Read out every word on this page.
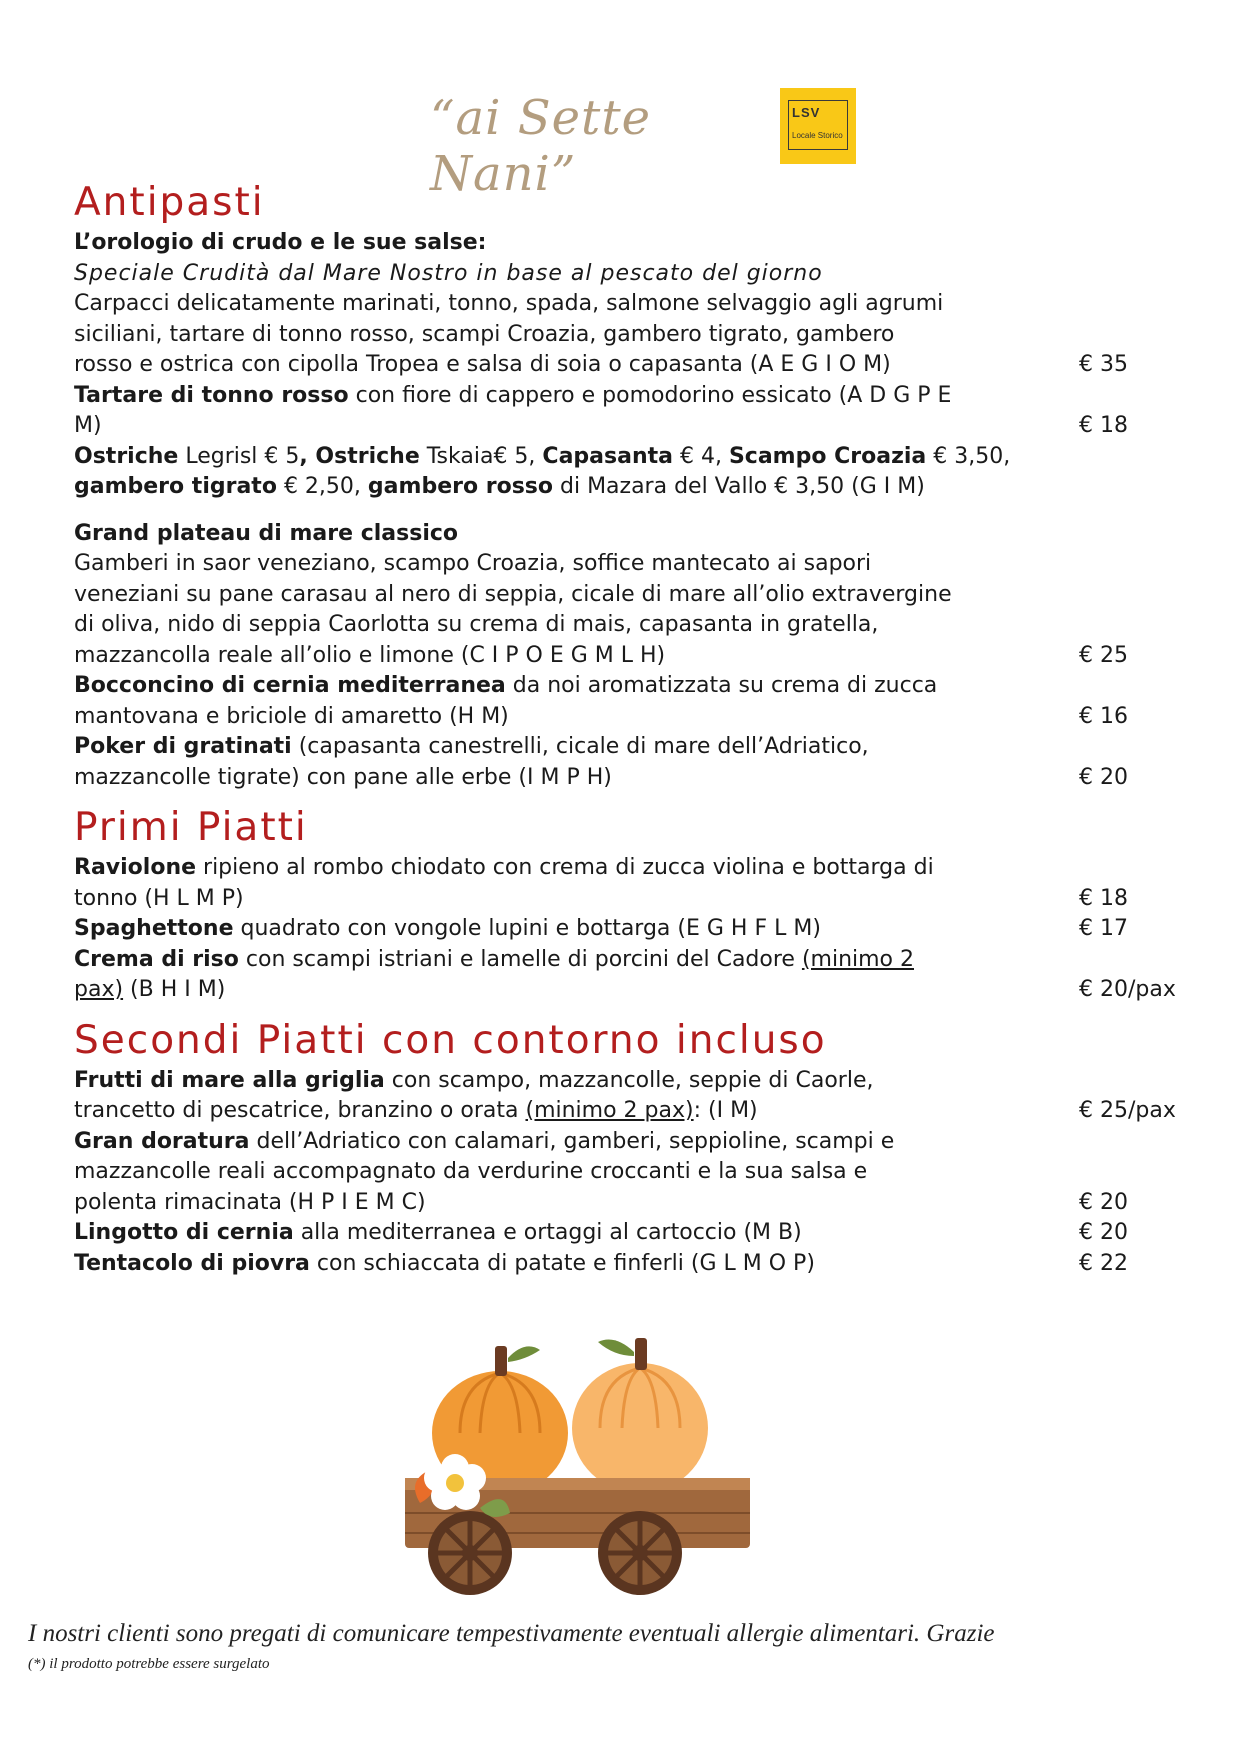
“ai Sette Nani”
LSV
Locale Storico
Antipasti
L’orologio di crudo e le sue salse:
Speciale Crudità dal Mare Nostro in base al pescato del giorno
Carpacci delicatamente marinati, tonno, spada, salmone selvaggio agli agrumi
siciliani, tartare di tonno rosso, scampi Croazia, gambero tigrato, gambero
rosso e ostrica con cipolla Tropea e salsa di soia o capasanta (A E G I O M)	€ 35
Tartare di tonno rosso con fiore di cappero e pomodorino essicato (A D G P E
M)	€ 18
Ostriche Legrisl € 5, Ostriche Tskaia€ 5, Capasanta € 4, Scampo Croazia € 3,50,
gambero tigrato € 2,50, gambero rosso di Mazara del Vallo € 3,50 (G I M)
Grand plateau di mare classico
Gamberi in saor veneziano, scampo Croazia, soffice mantecato ai sapori
veneziani su pane carasau al nero di seppia, cicale di mare all’olio extravergine
di oliva, nido di seppia Caorlotta su crema di mais, capasanta in gratella,
mazzancolla reale all’olio e limone (C I P O E G M L H)	€ 25
Bocconcino di cernia mediterranea da noi aromatizzata su crema di zucca
mantovana e briciole di amaretto (H M)	€ 16
Poker di gratinati (capasanta canestrelli, cicale di mare dell’Adriatico,
mazzancolle tigrate) con pane alle erbe (I M P H)	€ 20
Primi Piatti
Raviolone ripieno al rombo chiodato con crema di zucca violina e bottarga di
tonno (H L M P)	€ 18
Spaghettone quadrato con vongole lupini e bottarga (E G H F L M)	€ 17
Crema di riso con scampi istriani e lamelle di porcini del Cadore (minimo 2
pax) (B H I M)	€ 20/pax
Secondi Piatti con contorno incluso
Frutti di mare alla griglia con scampo, mazzancolle, seppie di Caorle,
trancetto di pescatrice, branzino o orata (minimo 2 pax): (I M)	€ 25/pax
Gran doratura dell’Adriatico con calamari, gamberi, seppioline, scampi e
mazzancolle reali accompagnato da verdurine croccanti e la sua salsa e
polenta rimacinata (H P I E M C)	€ 20
Lingotto di cernia alla mediterranea e ortaggi al cartoccio (M B)	€ 20
Tentacolo di piovra con schiaccata di patate e finferli (G L M O P)	€ 22
I nostri clienti sono pregati di comunicare tempestivamente eventuali allergie alimentari. Grazie
(*) il prodotto potrebbe essere surgelato
